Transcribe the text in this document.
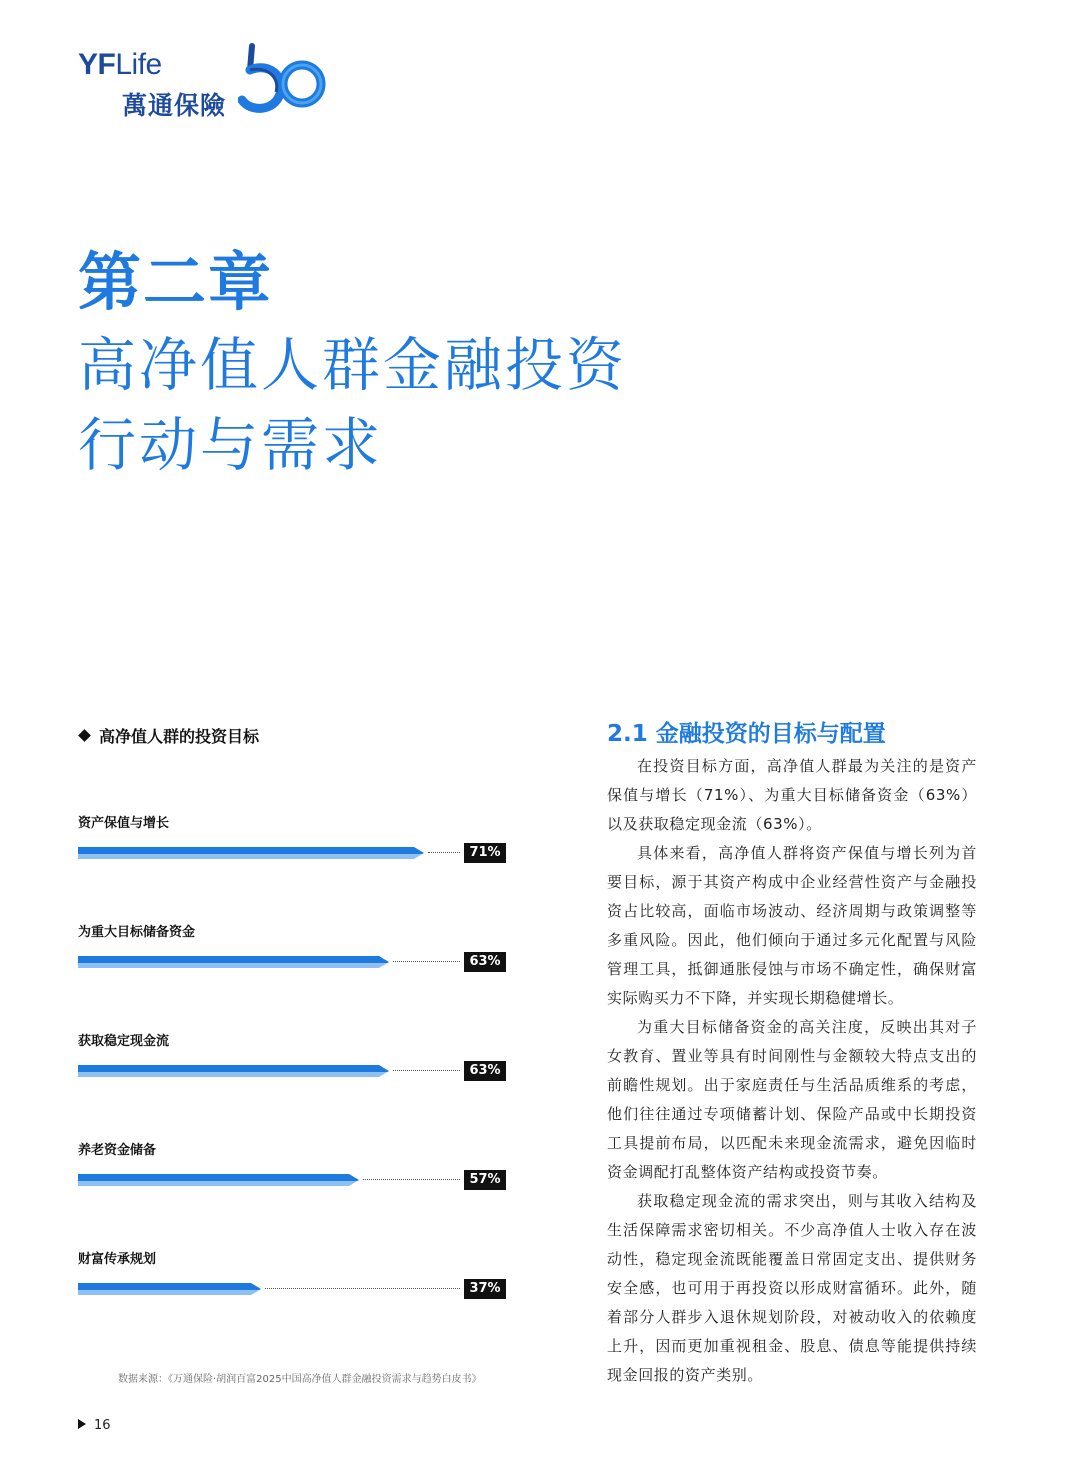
YFLife
萬通保險
第二章
高净值人群金融投资
行动与需求
高净值人群的投资目标
资产保值与增长
71%
为重大目标储备资金
63%
获取稳定现金流
63%
养老资金储备
57%
财富传承规划
37%
数据来源：《万通保险·胡润百富2025中国高净值人群金融投资需求与趋势白皮书》
2.1 金融投资的目标与配置

在投资目标方面，高净值人群最为关注的是资产保值与增长（71%）、为重大目标储备资金（63%）以及获取稳定现金流（63%）。

具体来看，高净值人群将资产保值与增长列为首要目标，源于其资产构成中企业经营性资产与金融投资占比较高，面临市场波动、经济周期与政策调整等多重风险。因此，他们倾向于通过多元化配置与风险管理工具，抵御通胀侵蚀与市场不确定性，确保财富实际购买力不下降，并实现长期稳健增长。

为重大目标储备资金的高关注度，反映出其对子女教育、置业等具有时间刚性与金额较大特点支出的前瞻性规划。出于家庭责任与生活品质维系的考虑，他们往往通过专项储蓄计划、保险产品或中长期投资工具提前布局，以匹配未来现金流需求，避免因临时资金调配打乱整体资产结构或投资节奏。

获取稳定现金流的需求突出，则与其收入结构及生活保障需求密切相关。不少高净值人士收入存在波动性，稳定现金流既能覆盖日常固定支出、提供财务安全感，也可用于再投资以形成财富循环。此外，随着部分人群步入退休规划阶段，对被动收入的依赖度上升，因而更加重视租金、股息、债息等能提供持续现金回报的资产类别。

16
